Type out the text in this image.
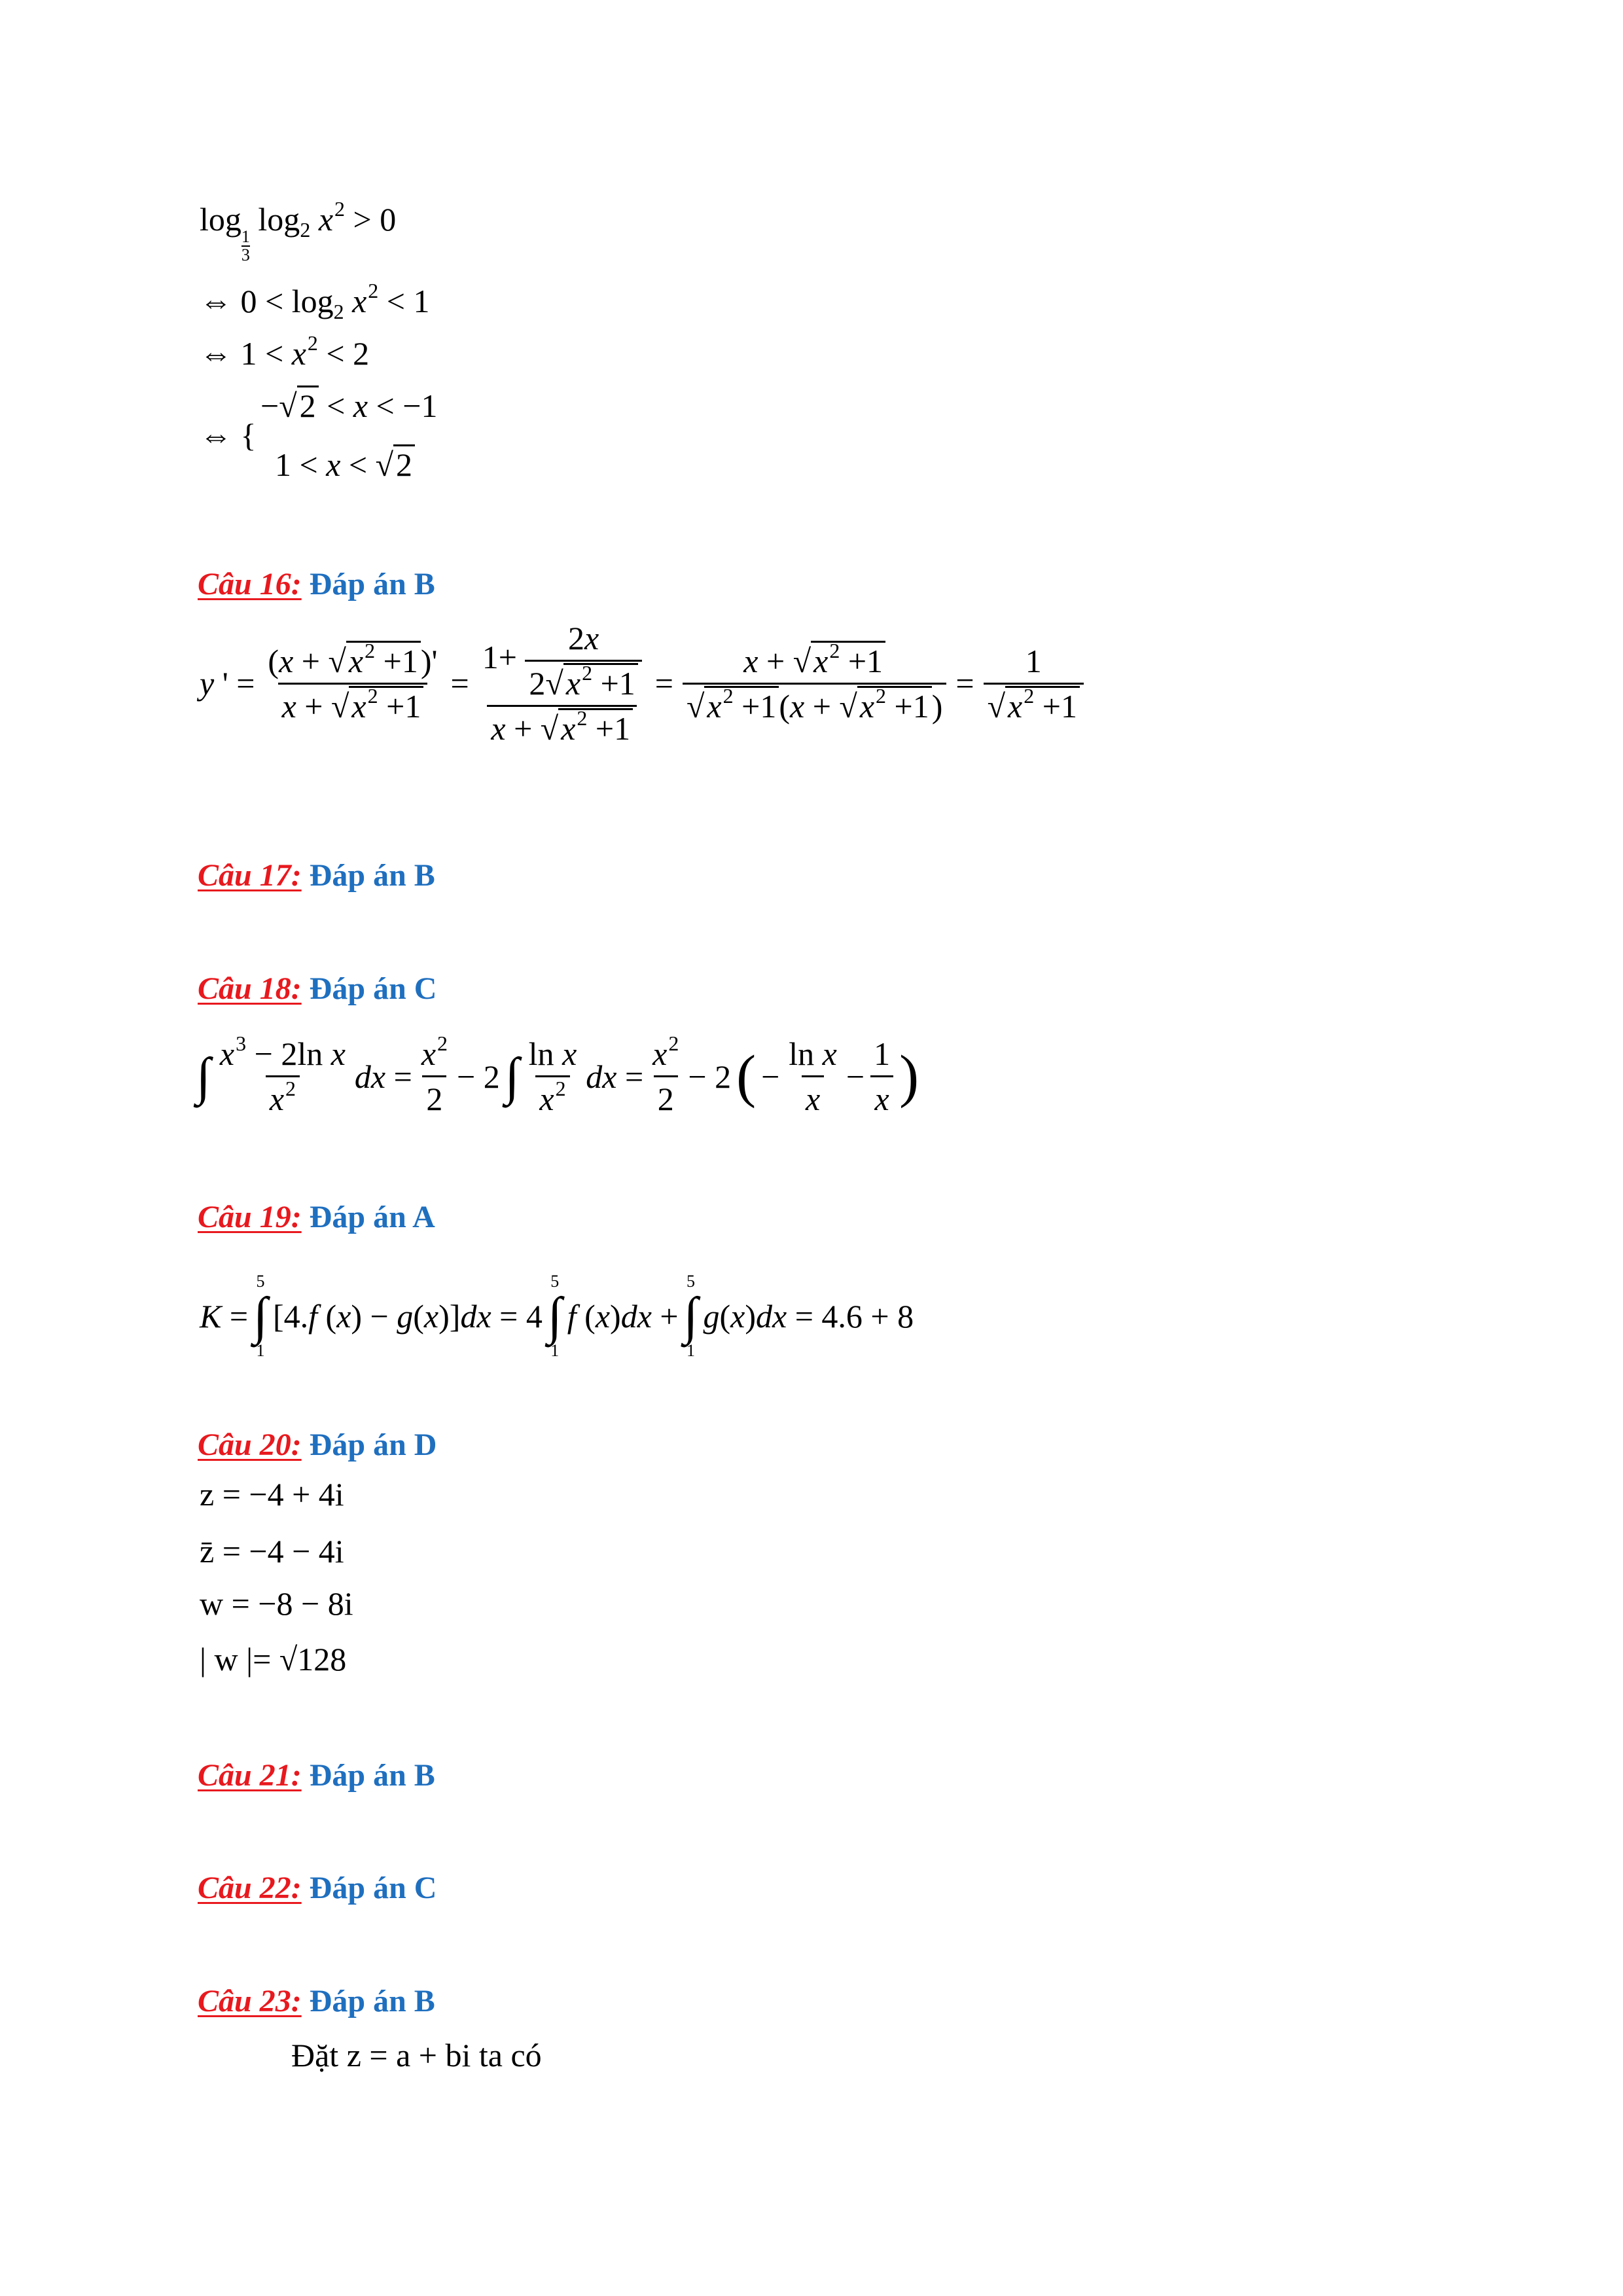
log
$\frac{1}{3}$
$\log_2 x^2 > 0$
⇔ $0 < \log_2 x^2 < 1$
⇔ $1 < x^2 < 2$
⇔ {
−√2 < x < −1
1 < x < √2
Câu 16: Đáp án B
y ' = $\frac{(x + √x^2 +1)'}{x + √x^2 +1} = \frac{1+ \frac{2x}{2√x^2 +1}}{x + √x^2 +1} = \frac{x + √x^2 +1}{√x^2 +1(x + √x^2 +1)} = \frac{1}{√x^2 +1}$
Câu 17: Đáp án B
Câu 18: Đáp án C
∫ $\frac{x^3 - 2\ln x}{x^2}$ dx = $\frac{x^2}{2} - 2$ ∫ $\frac{\text{ln x}}{x^2}$ dx = $\frac{x^2}{2} - 2$ ( − $\frac{\text{ln x}}{x} - \frac{1}{x}$ )
Câu 19: Đáp án A
K =
5
∫
1
[4.f (x) − g(x)]dx = 4
5
∫
1
f (x)dx +
5
∫
1
g(x)dx = 4.6 + 8
Câu 20: Đáp án D
z = −4 + 4i
z̄ = −4 − 4i
w = −8 − 8i
| w |= √128
Câu 21: Đáp án B
Câu 22: Đáp án C
Câu 23: Đáp án B
Đặt z = a + bi ta có
